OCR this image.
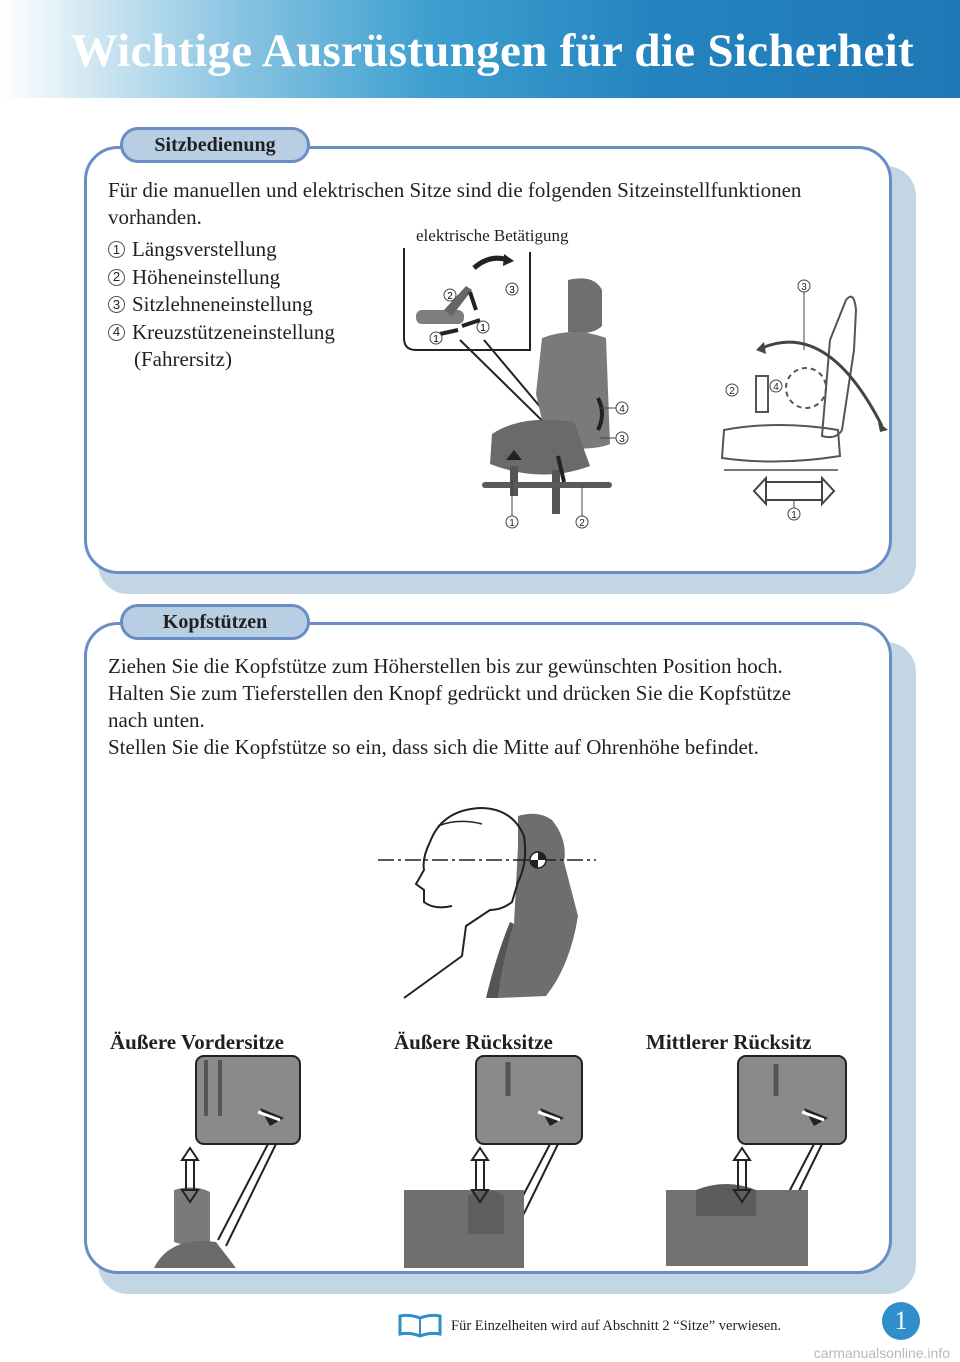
Wichtige Ausrüstungen für die Sicherheit
Sitzbedienung
Für die manuellen und elektrischen Sitze sind die folgenden Sitzeinstellfunktionen
vorhanden.
1 Längsverstellung
2 Höheneinstellung
3 Sitzlehneneinstellung
4 Kreuzstützeneinstellung
(Fahrersitz)
elektrische Betätigung
2
3
1
1
4
3
1	2
3
2	4
1
Kopfstützen
Ziehen Sie die Kopfstütze zum Höherstellen bis zur gewünschten Position hoch.
Halten Sie zum Tieferstellen den Knopf gedrückt und drücken Sie die Kopfstütze
nach unten.
Stellen Sie die Kopfstütze so ein, dass sich die Mitte auf Ohrenhöhe befindet.
Äußere Vordersitze	Äußere Rücksitze	Mittlerer Rücksitz
Für Einzelheiten wird auf Abschnitt 2 “Sitze” verwiesen.	1
carmanualsonline.info
